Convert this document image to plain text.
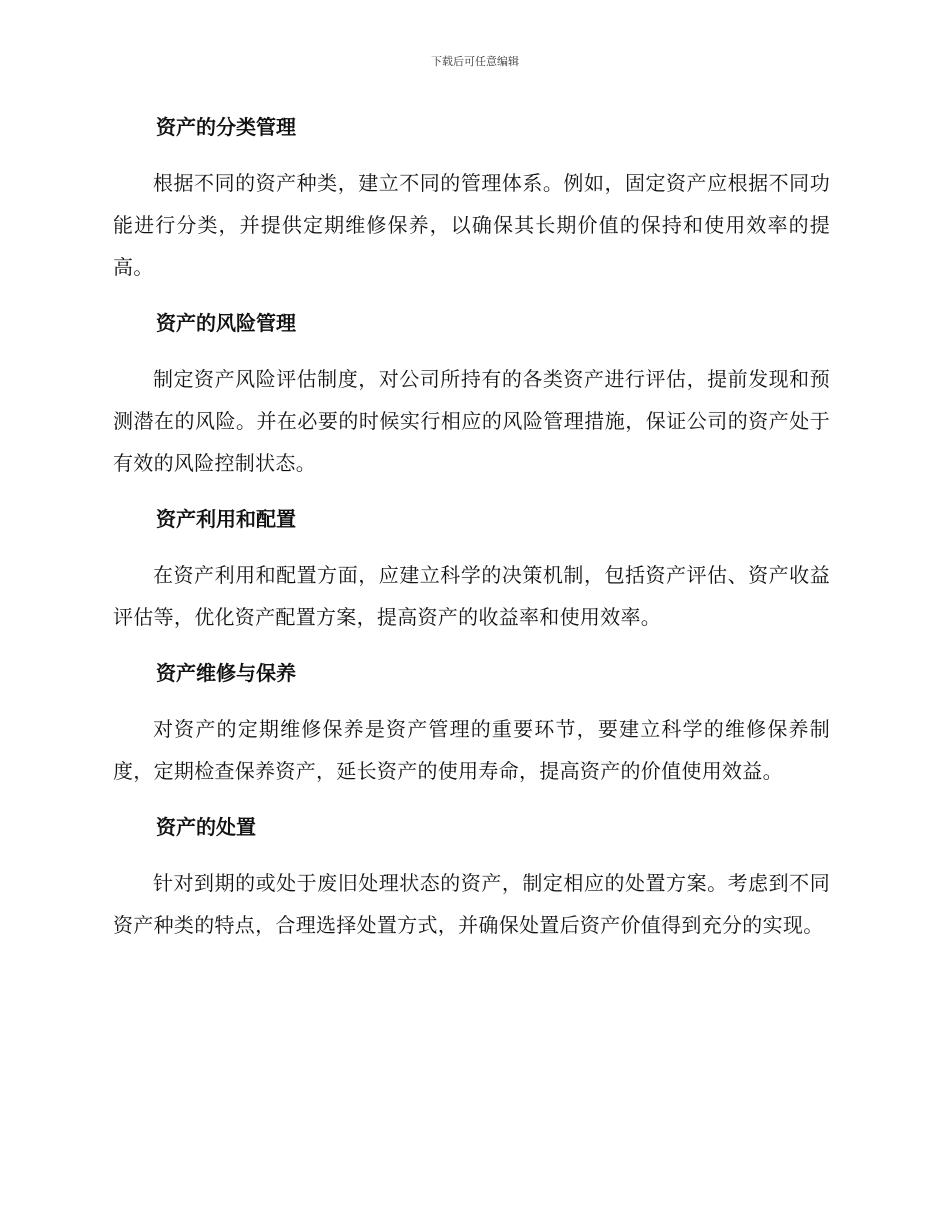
下载后可任意编辑
资产的分类管理

根据不同的资产种类，建立不同的管理体系。例如，固定资产应根据不同功能进行分类，并提供定期维修保养，以确保其长期价值的保持和使用效率的提高。

资产的风险管理

制定资产风险评估制度，对公司所持有的各类资产进行评估，提前发现和预测潜在的风险。并在必要的时候实行相应的风险管理措施，保证公司的资产处于有效的风险控制状态。

资产利用和配置

在资产利用和配置方面，应建立科学的决策机制，包括资产评估、资产收益评估等，优化资产配置方案，提高资产的收益率和使用效率。

资产维修与保养

对资产的定期维修保养是资产管理的重要环节，要建立科学的维修保养制度，定期检查保养资产，延长资产的使用寿命，提高资产的价值使用效益。

资产的处置

针对到期的或处于废旧处理状态的资产，制定相应的处置方案。考虑到不同资产种类的特点，合理选择处置方式，并确保处置后资产价值得到充分的实现。
